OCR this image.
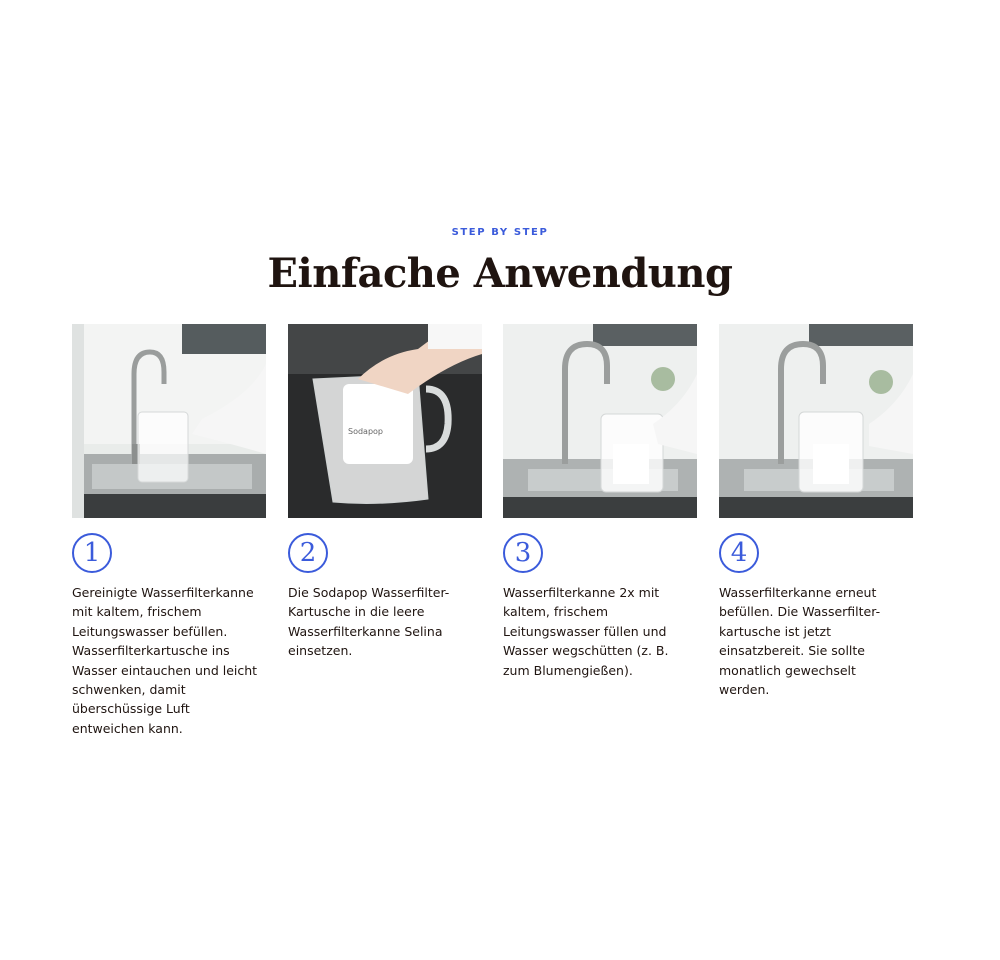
STEP BY STEP
Einfache Anwendung
1
Gereinigte Wasserfilterkanne mit kaltem, frischem Leitungswasser befüllen. Wasserfilterkartusche ins Wasser eintauchen und leicht schwenken, damit überschüssige Luft entweichen kann.
Sodapop
2
Die Sodapop Wasserfilter-Kartusche in die leere Wasserfilterkanne Selina einsetzen.
3
Wasserfilterkanne 2x mit kaltem, frischem Leitungswasser füllen und Wasser wegschütten (z. B. zum Blumengießen).
4
Wasserfilterkanne erneut befüllen. Die Wasserfilter-kartusche ist jetzt einsatzbereit. Sie sollte monatlich gewechselt werden.
